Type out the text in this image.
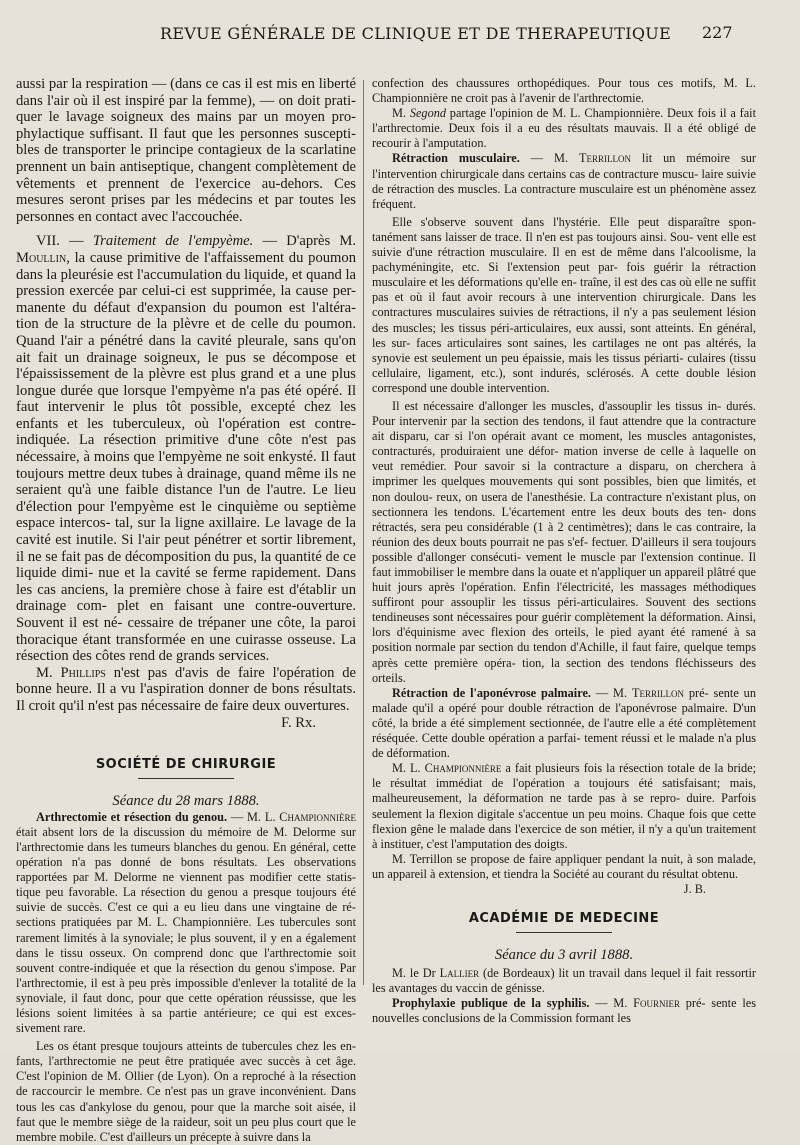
REVUE GÉNÉRALE DE CLINIQUE ET DE THERAPEUTIQUE 227

aussi par la respiration — (dans ce cas il est mis en liberté dans l'air où il est inspiré par la femme), — on doit prati- quer le lavage soigneux des mains par un moyen pro- phylactique suffisant. Il faut que les personnes suscepti- bles de transporter le principe contagieux de la scarlatine prennent un bain antiseptique, changent complètement de vêtements et prennent de l'exercice au-dehors. Ces mesures seront prises par les médecins et par toutes les personnes en contact avec l'accouchée.

VII. — Traitement de l'empyème. — D'après M. Moullin, la cause primitive de l'affaissement du poumon dans la pleurésie est l'accumulation du liquide, et quand la pression exercée par celui-ci est supprimée, la cause per- manente du défaut d'expansion du poumon est l'altéra- tion de la structure de la plèvre et de celle du poumon. Quand l'air a pénétré dans la cavité pleurale, sans qu'on ait fait un drainage soigneux, le pus se décompose et l'épaississement de la plèvre est plus grand et a une plus longue durée que lorsque l'empyème n'a pas été opéré. Il faut intervenir le plus tôt possible, excepté chez les enfants et les tuberculeux, où l'opération est contre-indiquée. La résection primitive d'une côte n'est pas nécessaire, à moins que l'empyème ne soit enkysté. Il faut toujours mettre deux tubes à drainage, quand même ils ne seraient qu'à une faible distance l'un de l'autre. Le lieu d'élection pour l'empyème est le cinquième ou septième espace intercos- tal, sur la ligne axillaire. Le lavage de la cavité est inutile. Si l'air peut pénétrer et sortir librement, il ne se fait pas de décomposition du pus, la quantité de ce liquide dimi- nue et la cavité se ferme rapidement. Dans les cas anciens, la première chose à faire est d'établir un drainage com- plet en faisant une contre-ouverture. Souvent il est né- cessaire de trépaner une côte, la paroi thoracique étant transformée en une cuirasse osseuse. La résection des côtes rend de grands services.

M. Phillips n'est pas d'avis de faire l'opération de bonne heure. Il a vu l'aspiration donner de bons résultats. Il croit qu'il n'est pas nécessaire de faire deux ouvertures.

F. Rx.

SOCIÉTÉ DE CHIRURGIE

Séance du 28 mars 1888.

Arthrectomie et résection du genou. — M. L. Championnière était absent lors de la discussion du mémoire de M. Delorme sur l'arthrectomie dans les tumeurs blanches du genou. En général, cette opération n'a pas donné de bons résultats. Les observations rapportées par M. Delorme ne viennent pas modifier cette statis- tique peu favorable. La résection du genou a presque toujours été suivie de succès. C'est ce qui a eu lieu dans une vingtaine de ré- sections pratiquées par M. L. Championnière. Les tubercules sont rarement limités à la synoviale; le plus souvent, il y en a également dans le tissu osseux. On comprend donc que l'arthrectomie soit souvent contre-indiquée et que la résection du genou s'impose. Par l'arthrectomie, il est à peu près impossible d'enlever la totalité de la synoviale, il faut donc, pour que cette opération réussisse, que les lésions soient limitées à sa partie antérieure; ce qui est exces- sivement rare.

Les os étant presque toujours atteints de tubercules chez les en- fants, l'arthrectomie ne peut être pratiquée avec succès à cet âge. C'est l'opinion de M. Ollier (de Lyon). On a reproché à la résection de raccourcir le membre. Ce n'est pas un grave inconvénient. Dans tous les cas d'ankylose du genou, pour que la marche soit aisée, il faut que le membre siège de la raideur, soit un peu plus court que le membre mobile. C'est d'ailleurs un précepte à suivre dans la

confection des chaussures orthopédiques. Pour tous ces motifs, M. L. Championnière ne croit pas à l'avenir de l'arthrectomie.

M. Segond partage l'opinion de M. L. Championnière. Deux fois il a fait l'arthrectomie. Deux fois il a eu des résultats mauvais. Il a été obligé de recourir à l'amputation.

Rétraction musculaire. — M. Terrillon lit un mémoire sur l'intervention chirurgicale dans certains cas de contracture muscu- laire suivie de rétraction des muscles. La contracture musculaire est un phénomène assez fréquent.

Elle s'observe souvent dans l'hystérie. Elle peut disparaître spon- tanément sans laisser de trace. Il n'en est pas toujours ainsi. Sou- vent elle est suivie d'une rétraction musculaire. Il en est de même dans l'alcoolisme, la pachyméningite, etc. Si l'extension peut par- fois guérir la rétraction musculaire et les déformations qu'elle en- traîne, il est des cas où elle ne suffit pas et où il faut avoir recours à une intervention chirurgicale. Dans les contractures musculaires suivies de rétractions, il n'y a pas seulement lésion des muscles; les tissus péri-articulaires, eux aussi, sont atteints. En général, les sur- faces articulaires sont saines, les cartilages ne ont pas altérés, la synovie est seulement un peu épaissie, mais les tissus périarti- culaires (tissu cellulaire, ligament, etc.), sont indurés, sclérosés. A cette double lésion correspond une double intervention.

Il est nécessaire d'allonger les muscles, d'assouplir les tissus in- durés. Pour intervenir par la section des tendons, il faut attendre que la contracture ait disparu, car si l'on opérait avant ce moment, les muscles antagonistes, contracturés, produiraient une défor- mation inverse de celle à laquelle on veut remédier. Pour savoir si la contracture a disparu, on cherchera à imprimer les quelques mouvements qui sont possibles, bien que limités, et non doulou- reux, on usera de l'anesthésie. La contracture n'existant plus, on sectionnera les tendons. L'écartement entre les deux bouts des ten- dons rétractés, sera peu considérable (1 à 2 centimètres); dans le cas contraire, la réunion des deux bouts pourrait ne pas s'ef- fectuer. D'ailleurs il sera toujours possible d'allonger consécuti- vement le muscle par l'extension continue. Il faut immobiliser le membre dans la ouate et n'appliquer un appareil plâtré que huit jours après l'opération. Enfin l'électricité, les massages méthodiques suffiront pour assouplir les tissus péri-articulaires. Souvent des sections tendineuses sont nécessaires pour guérir complètement la déformation. Ainsi, lors d'équinisme avec flexion des orteils, le pied ayant été ramené à sa position normale par section du tendon d'Achille, il faut faire, quelque temps après cette première opéra- tion, la section des tendons fléchisseurs des orteils.

Rétraction de l'aponévrose palmaire. — M. Terrillon pré- sente un malade qu'il a opéré pour double rétraction de l'aponévrose palmaire. D'un côté, la bride a été simplement sectionnée, de l'autre elle a été complètement réséquée. Cette double opération a parfai- tement réussi et le malade n'a plus de déformation.

M. L. Championnière a fait plusieurs fois la résection totale de la bride; le résultat immédiat de l'opération a toujours été satisfaisant; mais, malheureusement, la déformation ne tarde pas à se repro- duire. Parfois seulement la flexion digitale s'accentue un peu moins. Chaque fois que cette flexion gêne le malade dans l'exercice de son métier, il n'y a qu'un traitement à instituer, c'est l'amputation des doigts.

M. Terrillon se propose de faire appliquer pendant la nuit, à son malade, un appareil à extension, et tiendra la Société au courant du résultat obtenu.

J. B.

ACADÉMIE DE MEDECINE

Séance du 3 avril 1888.

M. le Dr Lallier (de Bordeaux) lit un travail dans lequel il fait ressortir les avantages du vaccin de génisse.

Prophylaxie publique de la syphilis. — M. Fournier pré- sente les nouvelles conclusions de la Commission formant les
